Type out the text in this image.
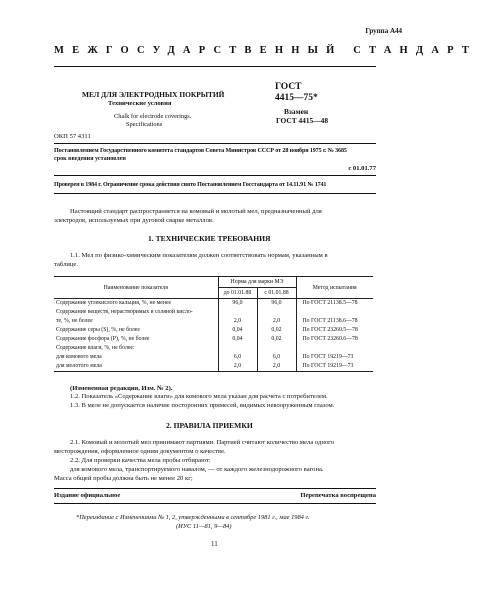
Группа А44
МЕЖГОСУДАРСТВЕННЫЙ СТАНДАРТ
МЕЛ ДЛЯ ЭЛЕКТРОДНЫХ ПОКРЫТИЙ
Технические условия
Chalk for electrode coverings.
Specifications
ГОСТ
4415—75*
Взамен
ГОСТ 4415—48
ОКП 57 4311
Постановлением Государственного комитета стандартов Совета Министров СССР от 28 ноября 1975 г. № 3685
срок введения установлен
с 01.01.77
Проверен в 1984 г. Ограничение срока действия снято Постановлением Госстандарта от 14.11.91 № 1741
Настоящий стандарт распространяется на комовый и молотый мел, предназначенный для
электродов, используемых при дуговой сварке металлов.
1. ТЕХНИЧЕСКИЕ ТРЕБОВАНИЯ
1.1. Мел по физико-химическим показателям должен соответствовать нормам, указанным в
таблице.
Наименование показателя	Норма для марки МЭ		Метод испытания
	до 01.01.88	с 01.01.88	
Содержание углекислого кальция, %, не менее	96,0	96,0	По ГОСТ 21138.5—78
Содержание веществ, нерастворимых в соляной кисло-			
те, %, не более	2,0	2,0	По ГОСТ 21138.6—78
Содержание серы (S), %, не более	0,04	0,02	По ГОСТ 23260.5—78
Содержание фосфора (Р), %, не более	0,04	0,02	По ГОСТ 23260.6—78
Содержание влаги, %, не более:			
для комового мела	6,0	6,0	По ГОСТ 19219—73
для молотого мела	2,0	2,0	По ГОСТ 19219—73
(Измененная редакция, Изм. № 2).
1.2. Показатель «Содержание влаги» для комового мела указан для расчета с потребителем.
1.3. В меле не допускается наличие посторонних примесей, видимых невооруженным глазом.
2. ПРАВИЛА ПРИЕМКИ
2.1. Комовый и молотый мел принимают партиями. Партией считают количество мела одного
месторождения, оформленное одним документом о качестве.
2.2. Для проверки качества мела пробы отбирают:
для комового мела, транспортируемого навалом, — от каждого железнодорожного вагона.
Масса общей пробы должна быть не менее 20 кг;
Издание официальное	Перепечатка воспрещена
*Переиздание с Изменениями № 1, 2, утвержденными в сентябре 1981 г., мае 1984 г.
(ИУС 11—81, 9—84)
11
